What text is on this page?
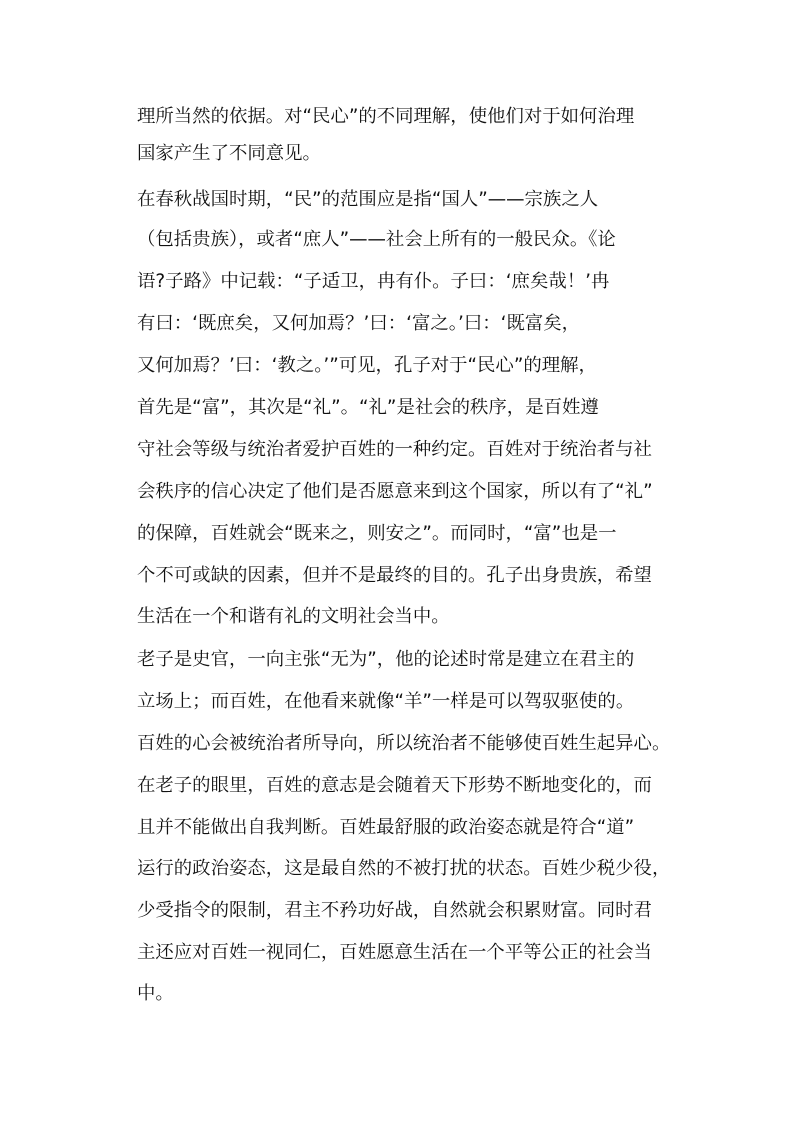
理所当然的依据。对“民心”的不同理解，使他们对于如何治理
国家产生了不同意见。
在春秋战国时期，“民”的范围应是指“国人”——宗族之人
（包括贵族），或者“庶人”——社会上所有的一般民众。《论
语?子路》中记载：“子适卫，冉有仆。子曰：‘庶矣哉！’冉
有曰：‘既庶矣，又何加焉？’曰：‘富之。’曰：‘既富矣，
又何加焉？’曰：‘教之。’”可见，孔子对于“民心”的理解，
首先是“富”，其次是“礼”。“礼”是社会的秩序，是百姓遵
守社会等级与统治者爱护百姓的一种约定。百姓对于统治者与社
会秩序的信心决定了他们是否愿意来到这个国家，所以有了“礼”
的保障，百姓就会“既来之，则安之”。而同时，“富”也是一
个不可或缺的因素，但并不是最终的目的。孔子出身贵族，希望
生活在一个和谐有礼的文明社会当中。
老子是史官，一向主张“无为”，他的论述时常是建立在君主的
立场上；而百姓，在他看来就像“羊”一样是可以驾驭驱使的。
百姓的心会被统治者所导向，所以统治者不能够使百姓生起异心。
在老子的眼里，百姓的意志是会随着天下形势不断地变化的，而
且并不能做出自我判断。百姓最舒服的政治姿态就是符合“道”
运行的政治姿态，这是最自然的不被打扰的状态。百姓少税少役，
少受指令的限制，君主不矜功好战，自然就会积累财富。同时君
主还应对百姓一视同仁，百姓愿意生活在一个平等公正的社会当
中。
